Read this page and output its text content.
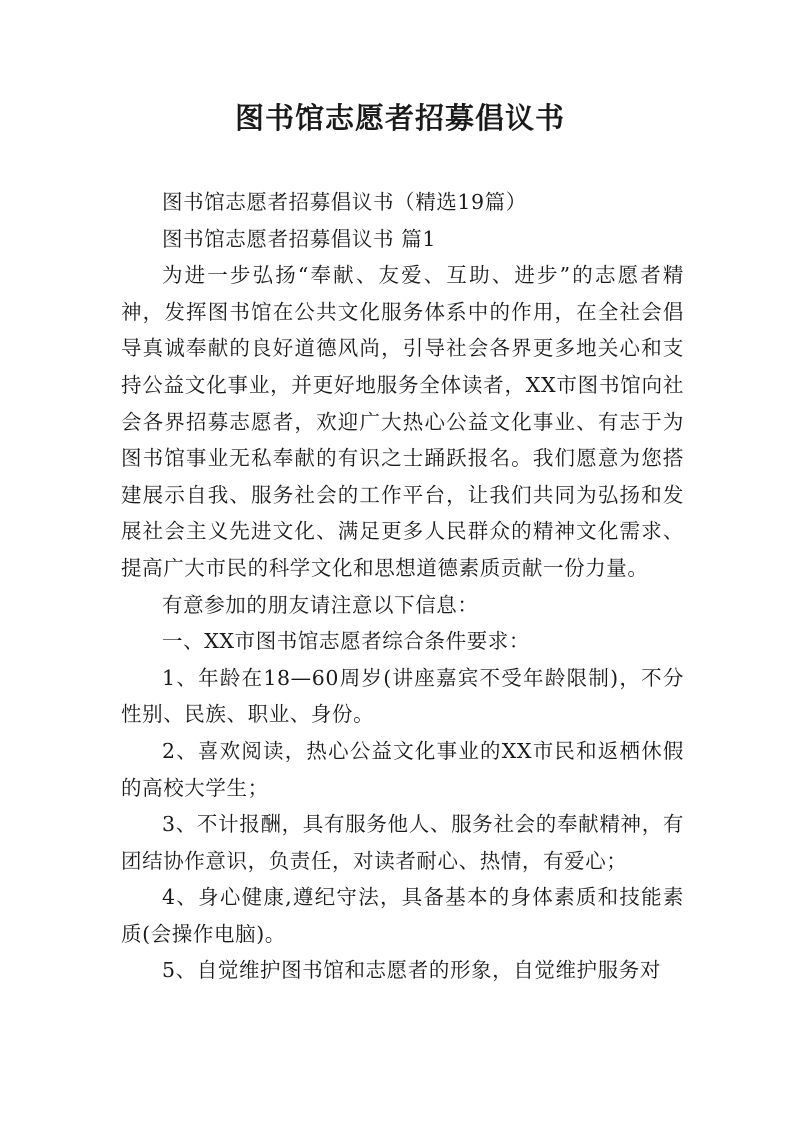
图书馆志愿者招募倡议书

图书馆志愿者招募倡议书（精选19篇）

图书馆志愿者招募倡议书 篇1

为进一步弘扬“奉献、友爱、互助、进步”的志愿者精神，发挥图书馆在公共文化服务体系中的作用，在全社会倡导真诚奉献的良好道德风尚，引导社会各界更多地关心和支持公益文化事业，并更好地服务全体读者，XX市图书馆向社会各界招募志愿者，欢迎广大热心公益文化事业、有志于为图书馆事业无私奉献的有识之士踊跃报名。我们愿意为您搭建展示自我、服务社会的工作平台，让我们共同为弘扬和发展社会主义先进文化、满足更多人民群众的精神文化需求、提高广大市民的科学文化和思想道德素质贡献一份力量。

有意参加的朋友请注意以下信息：

一、XX市图书馆志愿者综合条件要求：

1、年龄在18—60周岁(讲座嘉宾不受年龄限制)，不分性别、民族、职业、身份。

2、喜欢阅读，热心公益文化事业的XX市民和返栖休假的高校大学生；

3、不计报酬，具有服务他人、服务社会的奉献精神，有团结协作意识，负责任，对读者耐心、热情，有爱心；

4、身心健康,遵纪守法，具备基本的身体素质和技能素质(会操作电脑)。

5、自觉维护图书馆和志愿者的形象，自觉维护服务对
